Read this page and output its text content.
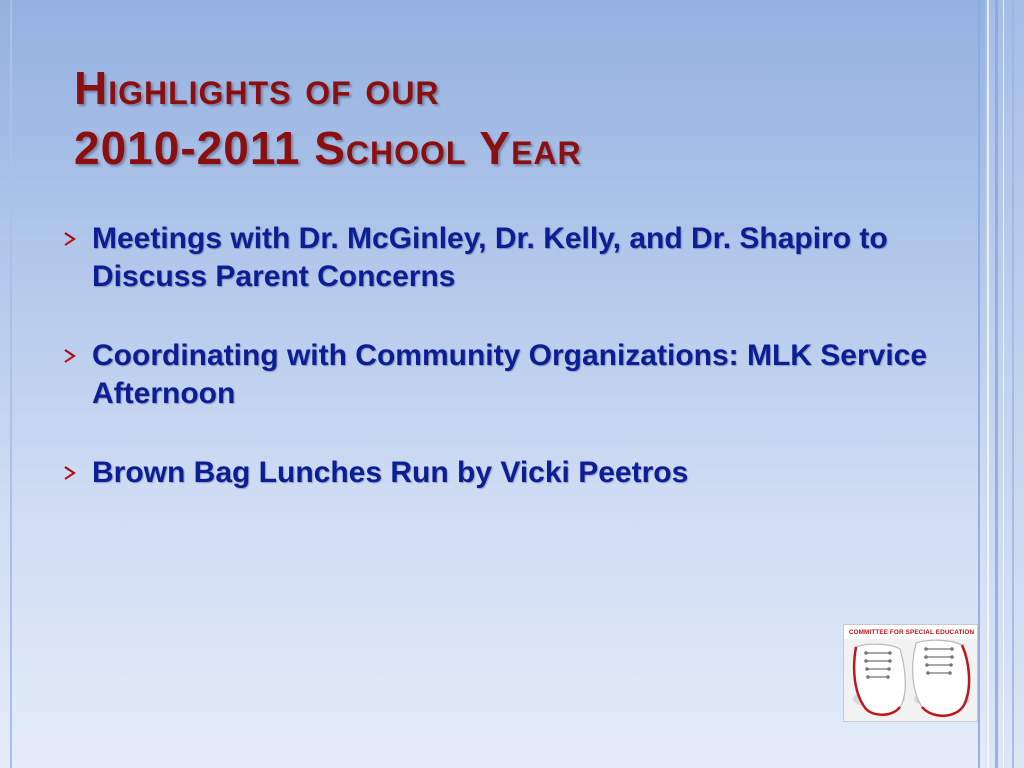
Highlights of our
2010-2011 School Year
Meetings with Dr. McGinley, Dr. Kelly, and Dr. Shapiro to Discuss Parent Concerns
Coordinating with Community Organizations: MLK Service Afternoon
Brown Bag Lunches Run by Vicki Peetros
COMMITTEE FOR SPECIAL EDUCATION
